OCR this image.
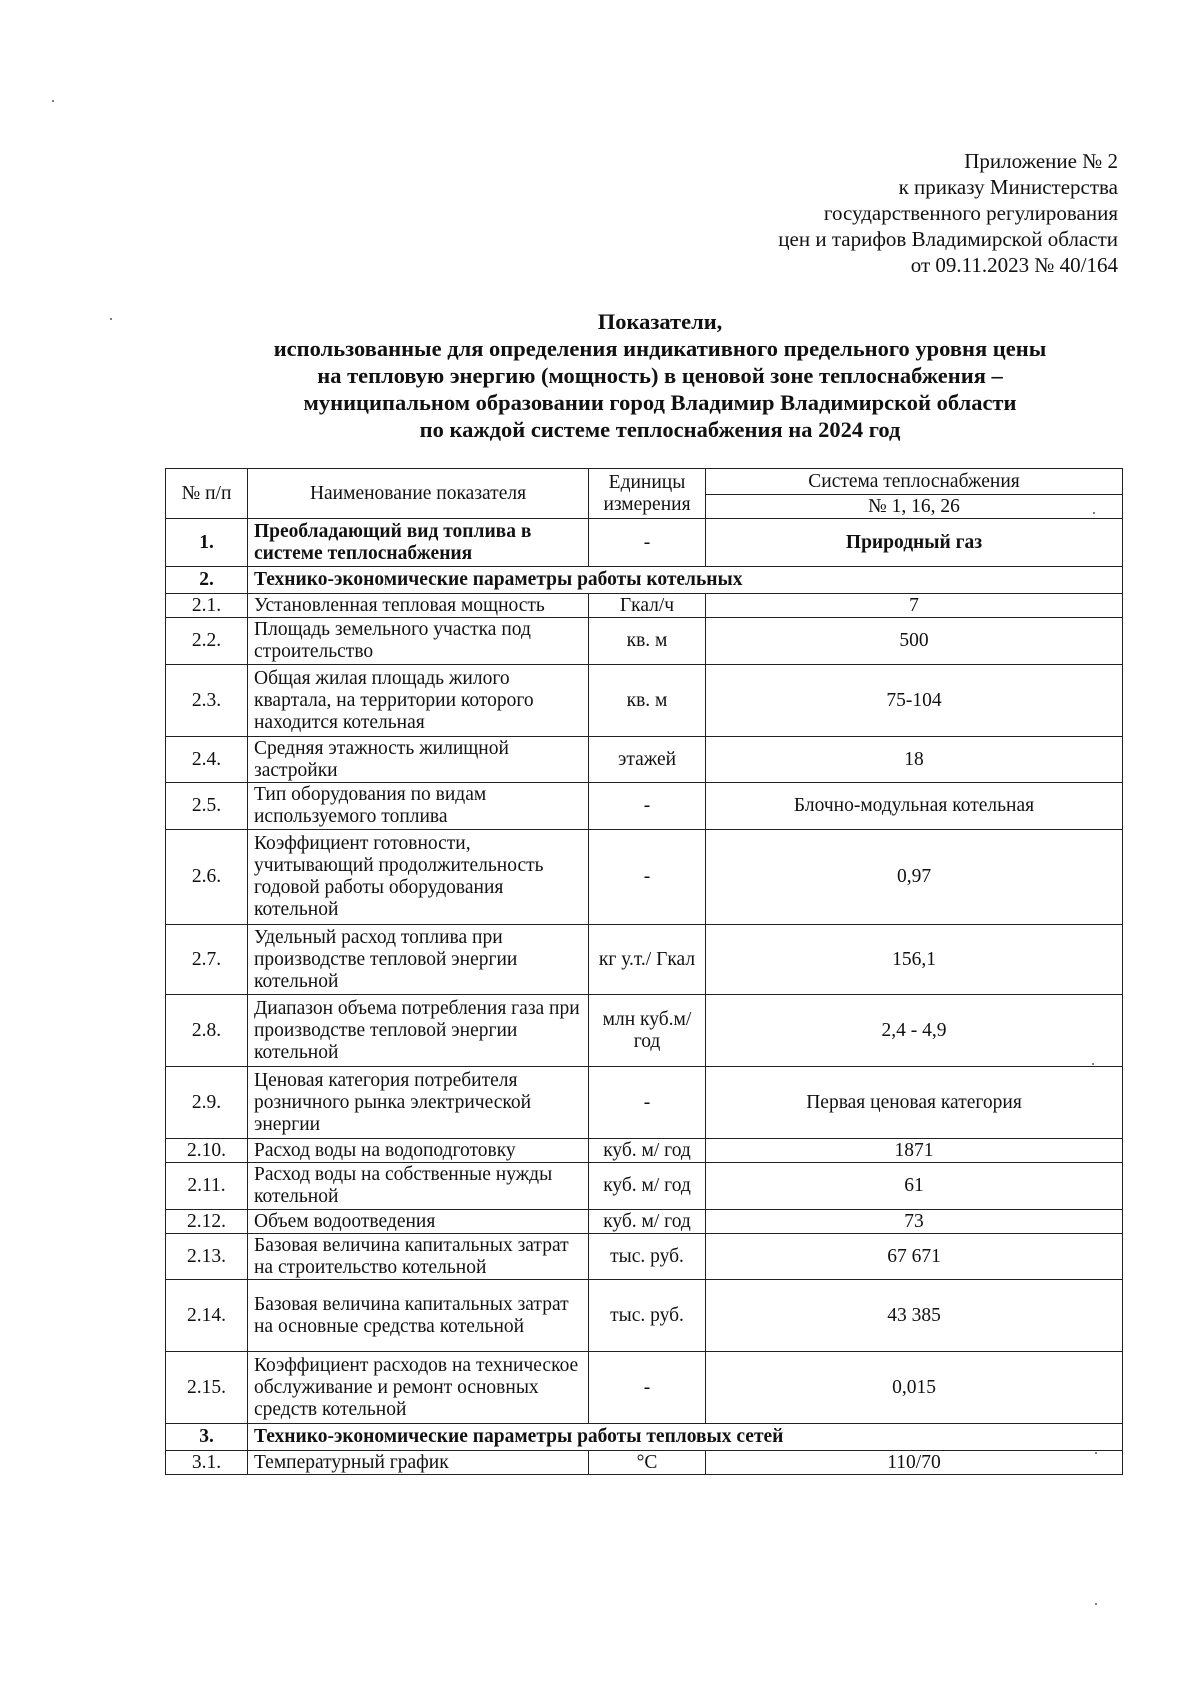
Приложение № 2
к приказу Министерства
государственного регулирования
цен и тарифов Владимирской области
от 09.11.2023 № 40/164
Показатели,
использованные для определения индикативного предельного уровня цены
на тепловую энергию (мощность) в ценовой зоне теплоснабжения –
муниципальном образовании город Владимир Владимирской области
по каждой системе теплоснабжения на 2024 год
№ п/п	Наименование показателя	Единицы измерения	Система теплоснабжения
			№ 1, 16, 26
1.	Преобладающий вид топлива в системе теплоснабжения	-	Природный газ
2.	Технико-экономические параметры работы котельных		
2.1.	Установленная тепловая мощность	Гкал/ч	7
2.2.	Площадь земельного участка под строительство	кв. м	500
2.3.	Общая жилая площадь жилого квартала, на территории которого находится котельная	кв. м	75-104
2.4.	Средняя этажность жилищной застройки	этажей	18
2.5.	Тип оборудования по видам используемого топлива	-	Блочно-модульная котельная
2.6.	Коэффициент готовности, учитывающий продолжительность годовой работы оборудования котельной	-	0,97
2.7.	Удельный расход топлива при производстве тепловой энергии котельной	кг у.т./ Гкал	156,1
2.8.	Диапазон объема потребления газа при производстве тепловой энергии котельной	млн куб.м/ год	2,4 - 4,9
2.9.	Ценовая категория потребителя розничного рынка электрической энергии	-	Первая ценовая категория
2.10.	Расход воды на водоподготовку	куб. м/ год	1871
2.11.	Расход воды на собственные нужды котельной	куб. м/ год	61
2.12.	Объем водоотведения	куб. м/ год	73
2.13.	Базовая величина капитальных затрат на строительство котельной	тыс. руб.	67 671
2.14.	Базовая величина капитальных затрат на основные средства котельной	тыс. руб.	43 385
2.15.	Коэффициент расходов на техническое обслуживание и ремонт основных средств котельной	-	0,015
3.	Технико-экономические параметры работы тепловых сетей		
3.1.	Температурный график	°С	110/70
